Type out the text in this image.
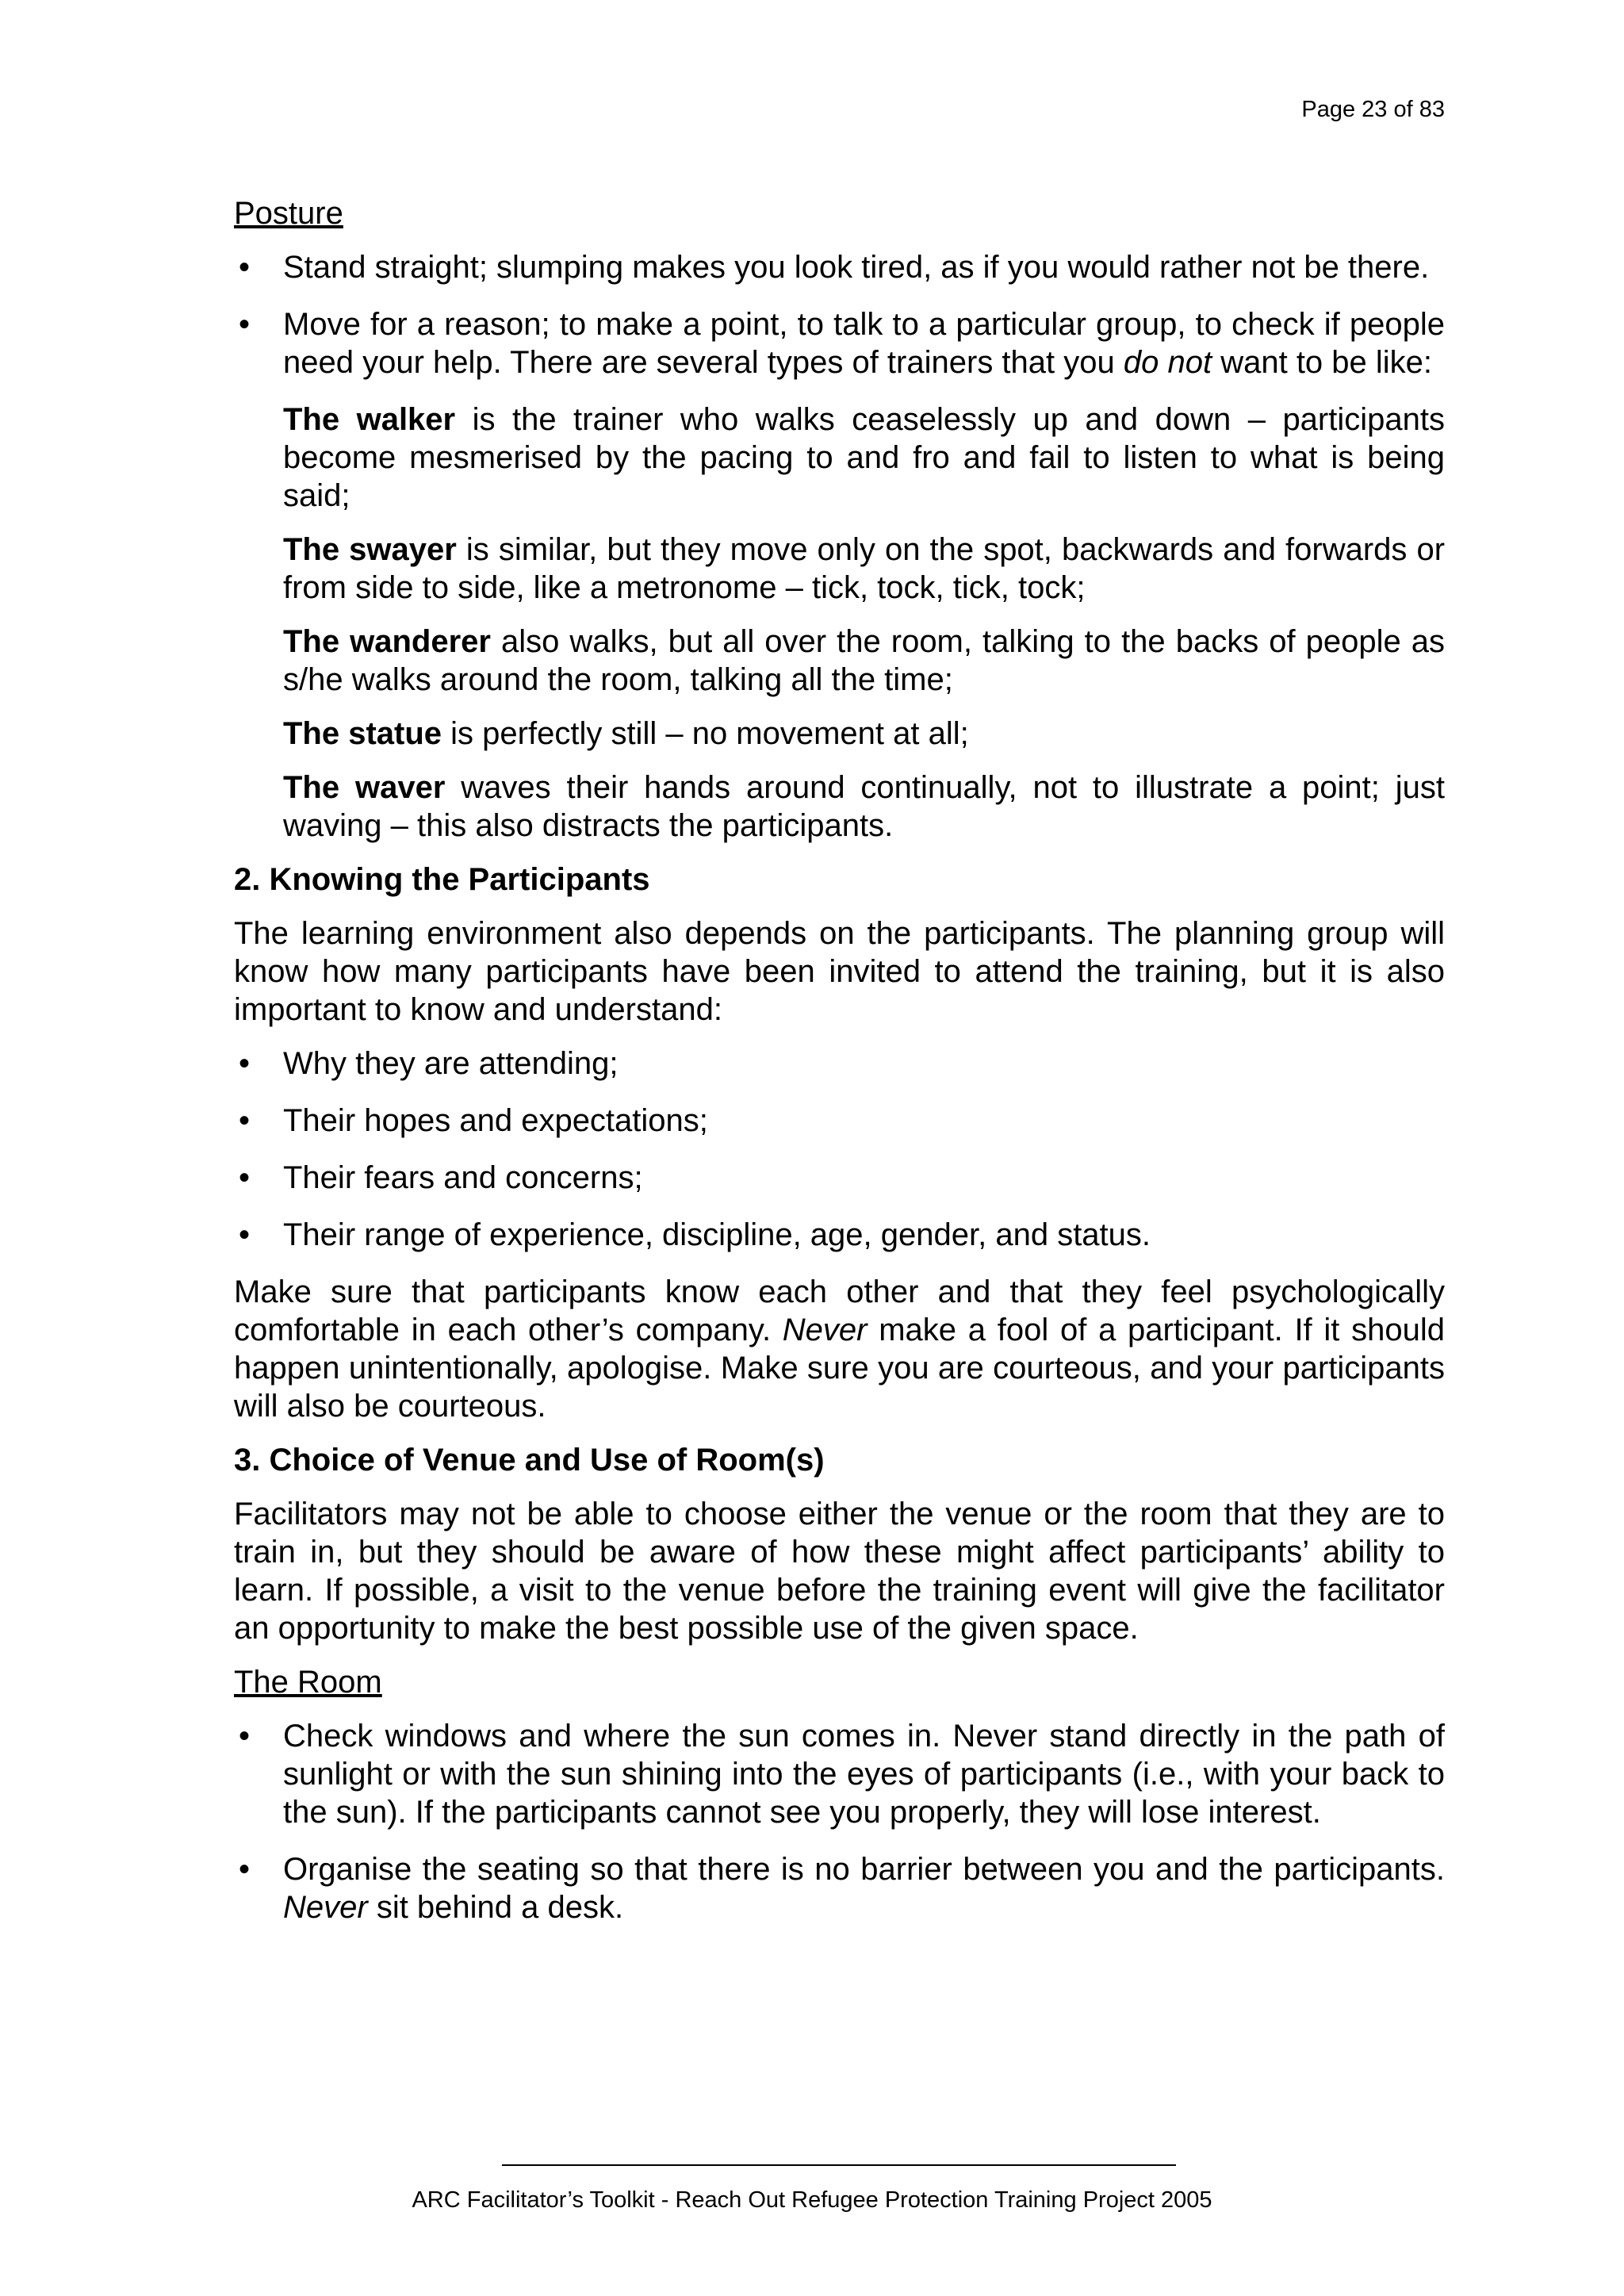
Page 23 of 83
Posture
• Stand straight; slumping makes you look tired, as if you would rather not be there.
• Move for a reason; to make a point, to talk to a particular group, to check if people need your help. There are several types of trainers that you do not want to be like:

The walker is the trainer who walks ceaselessly up and down – participants become mesmerised by the pacing to and fro and fail to listen to what is being said;

The swayer is similar, but they move only on the spot, backwards and forwards or from side to side, like a metronome – tick, tock, tick, tock;

The wanderer also walks, but all over the room, talking to the backs of people as s/he walks around the room, talking all the time;

The statue is perfectly still – no movement at all;

The waver waves their hands around continually, not to illustrate a point; just waving – this also distracts the participants.

2. Knowing the Participants

The learning environment also depends on the participants. The planning group will know how many participants have been invited to attend the training, but it is also important to know and understand:

• Why they are attending;
• Their hopes and expectations;
• Their fears and concerns;
• Their range of experience, discipline, age, gender, and status.

Make sure that participants know each other and that they feel psychologically comfortable in each other’s company. Never make a fool of a participant. If it should happen unintentionally, apologise. Make sure you are courteous, and your participants will also be courteous.

3. Choice of Venue and Use of Room(s)

Facilitators may not be able to choose either the venue or the room that they are to train in, but they should be aware of how these might affect participants’ ability to learn. If possible, a visit to the venue before the training event will give the facilitator an opportunity to make the best possible use of the given space.

The Room
• Check windows and where the sun comes in. Never stand directly in the path of sunlight or with the sun shining into the eyes of participants (i.e., with your back to the sun). If the participants cannot see you properly, they will lose interest.
• Organise the seating so that there is no barrier between you and the participants. Never sit behind a desk.
ARC Facilitator’s Toolkit - Reach Out Refugee Protection Training Project 2005
